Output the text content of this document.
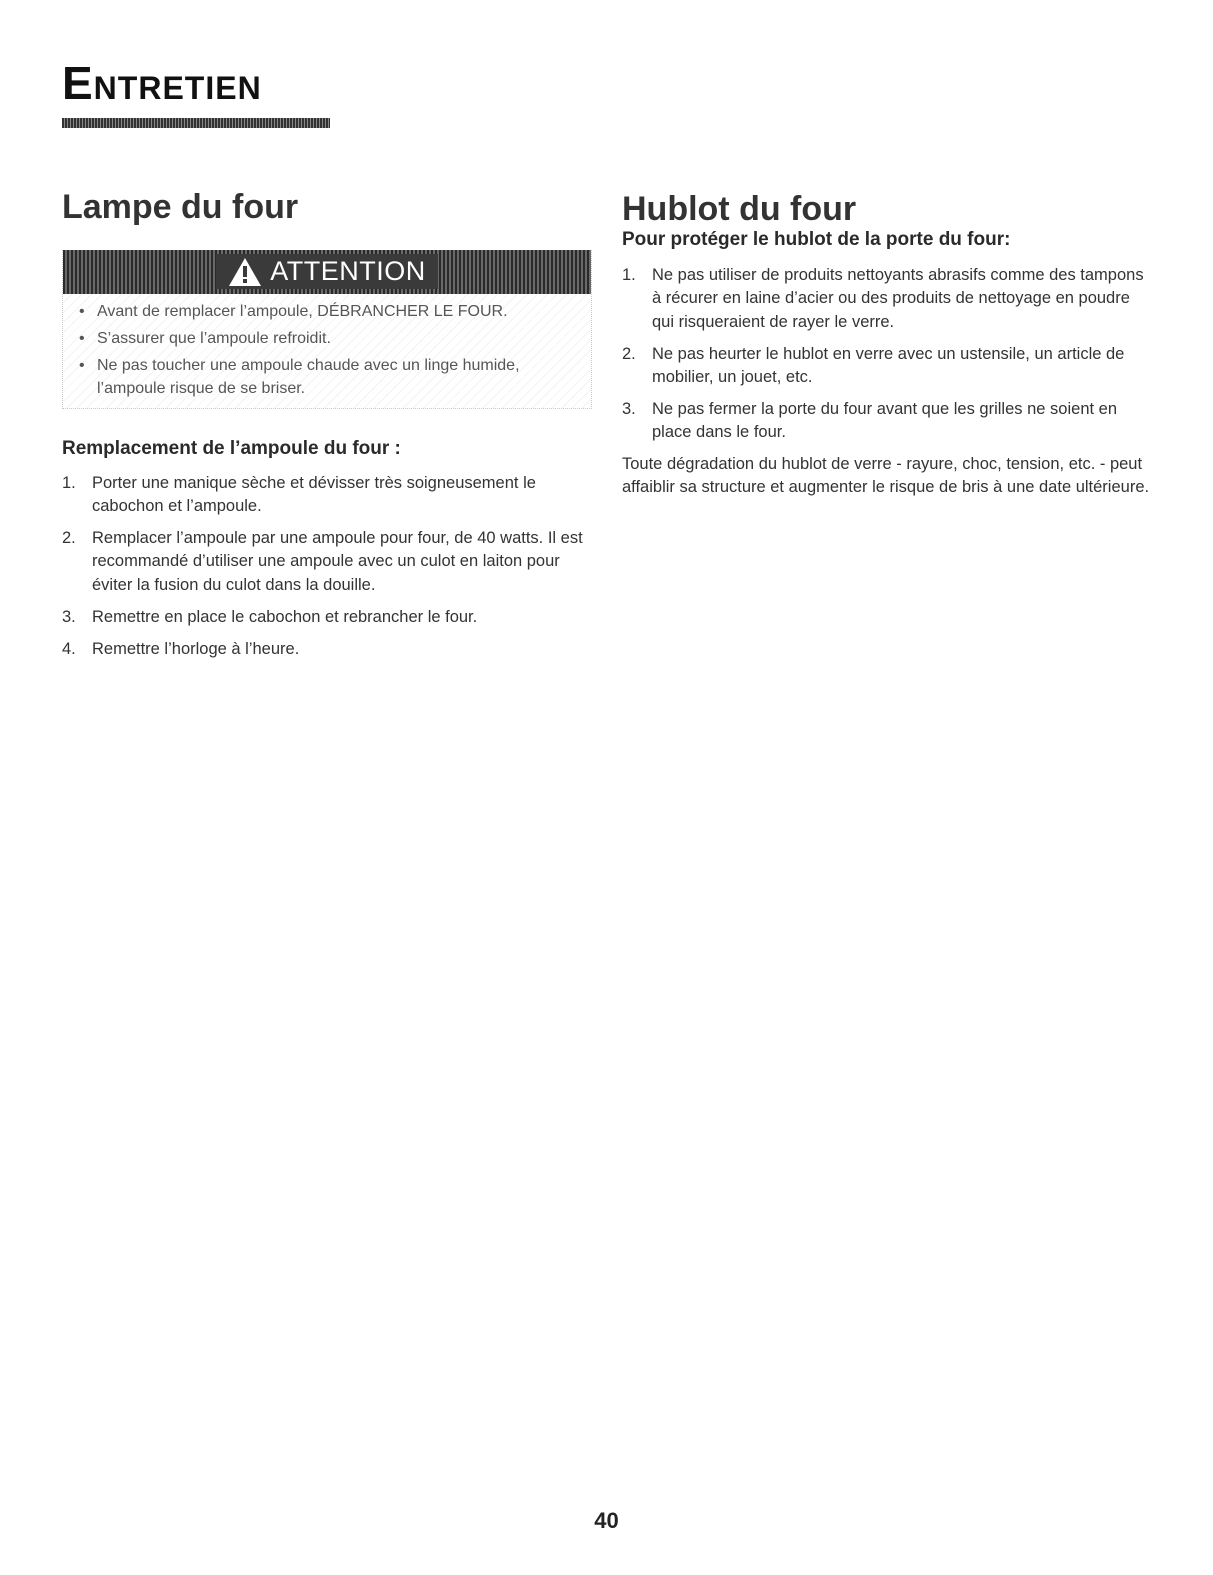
Entretien
Lampe du four
ATTENTION
• Avant de remplacer l’ampoule, DÉBRANCHER LE FOUR.
• S’assurer que l’ampoule refroidit.
• Ne pas toucher une ampoule chaude avec un linge humide, l’ampoule risque de se briser.
Remplacement de l’ampoule du four :
1. Porter une manique sèche et dévisser très soigneusement le cabochon et l’ampoule.
2. Remplacer l’ampoule par une ampoule pour four, de 40 watts. Il est recommandé d’utiliser une ampoule avec un culot en laiton pour éviter la fusion du culot dans la douille.
3. Remettre en place le cabochon et rebrancher le four.
4. Remettre l’horloge à l’heure.
Hublot du four
Pour protéger le hublot de la porte du four:
1. Ne pas utiliser de produits nettoyants abrasifs comme des tampons à récurer en laine d’acier ou des produits de nettoyage en poudre qui risqueraient de rayer le verre.
2. Ne pas heurter le hublot en verre avec un ustensile, un article de mobilier, un jouet, etc.
3. Ne pas fermer la porte du four avant que les grilles ne soient en place dans le four.

Toute dégradation du hublot de verre - rayure, choc, tension, etc. - peut affaiblir sa structure et augmenter le risque de bris à une date ultérieure.

40
